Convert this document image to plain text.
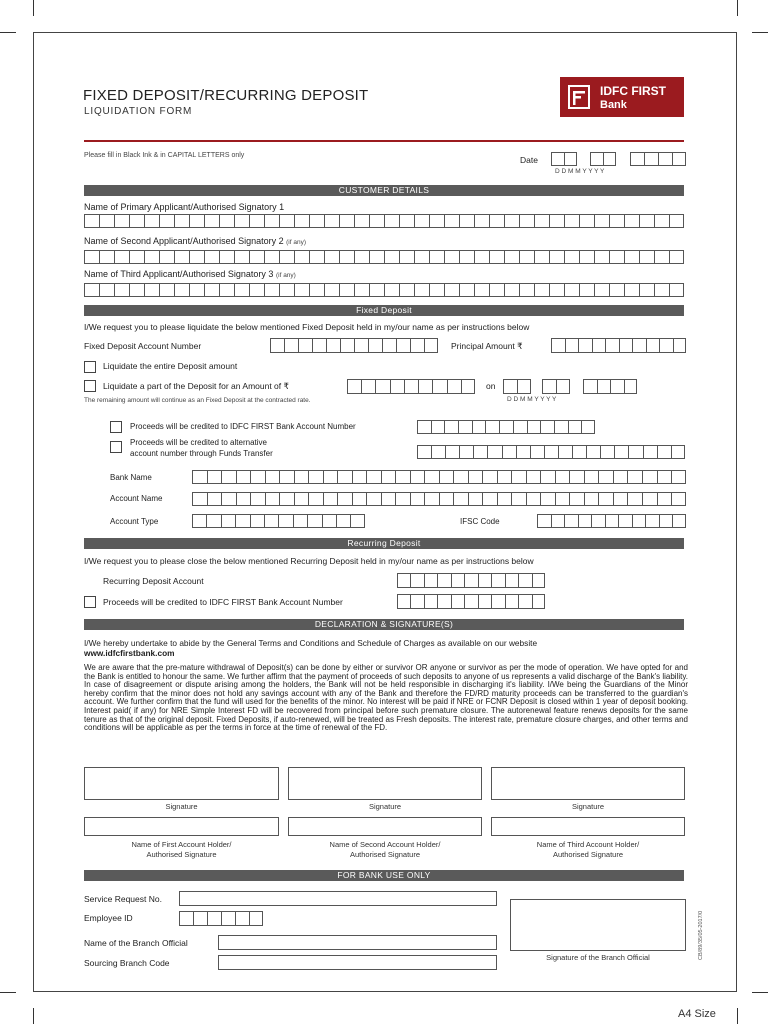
FIXED DEPOSIT/RECURRING DEPOSIT
LIQUIDATION FORM
IDFC FIRST
Bank
Please fill in Black Ink & in CAPITAL LETTERS only	Date
D D M M Y Y Y Y
CUSTOMER DETAILS
Name of Primary Applicant/Authorised Signatory 1
Name of Second Applicant/Authorised Signatory 2 (if any)
Name of Third Applicant/Authorised Signatory 3 (if any)
Fixed Deposit
I/We request you to please liquidate the below mentioned Fixed Deposit held in my/our name as per instructions below
Fixed Deposit Account Number	Principal Amount ₹
Liquidate the entire Deposit amount
Liquidate a part of the Deposit for an Amount of ₹	on
The remaining amount will continue as an Fixed Deposit at the contracted rate.	D D M M Y Y Y Y
Proceeds will be credited to IDFC FIRST Bank Account Number
Proceeds will be credited to alternative
account number through Funds Transfer
Bank Name
Account Name
Account Type	IFSC Code
Recurring Deposit
I/We request you to please close the below mentioned Recurring Deposit held in my/our name as per instructions below
Recurring Deposit Account
Proceeds will be credited to IDFC FIRST Bank Account Number
DECLARATION & SIGNATURE(S)
I/We hereby undertake to abide by the General Terms and Conditions and Schedule of Charges as available on our website
www.idfcfirstbank.com
We are aware that the pre-mature withdrawal of Deposit(s) can be done by either or survivor OR anyone or survivor as per the mode of operation. We have opted for and the Bank is entitled to honour the same. We further affirm that the payment of proceeds of such deposits to anyone of us represents a valid discharge of the Bank's liability. In case of disagreement or dispute arising among the holders, the Bank will not be held responsible in discharging it's liability. I/We being the Guardians of the Minor hereby confirm that the minor does not hold any savings account with any of the Bank and therefore the FD/RD maturity proceeds can be transferred to the guardian's account. We further confirm that the fund will used for the benefits of the minor. No interest will be paid if NRE or FCNR Deposit is closed within 1 year of deposit booking. Interest paid( if any) for NRE Simple Interest FD will be recovered from principal before such premature closure. The autorenewal feature renews deposits for the same tenure as that of the original deposit. Fixed Deposits, if auto-renewed, will be treated as Fresh deposits. The interest rate, premature closure charges, and other terms and conditions will be applicable as per the terms in force at the time of renewal of the FD.
Signature	Signature	Signature
Name of First Account Holder/
Authorised Signature
Name of Second Account Holder/
Authorised Signature
Name of Third Account Holder/
Authorised Signature
FOR BANK USE ONLY
Service Request No.
Employee ID
Name of the Branch Official
Sourcing Branch Code
Signature of the Branch Official	CB/89/35/05-2017/0
A4 Size
